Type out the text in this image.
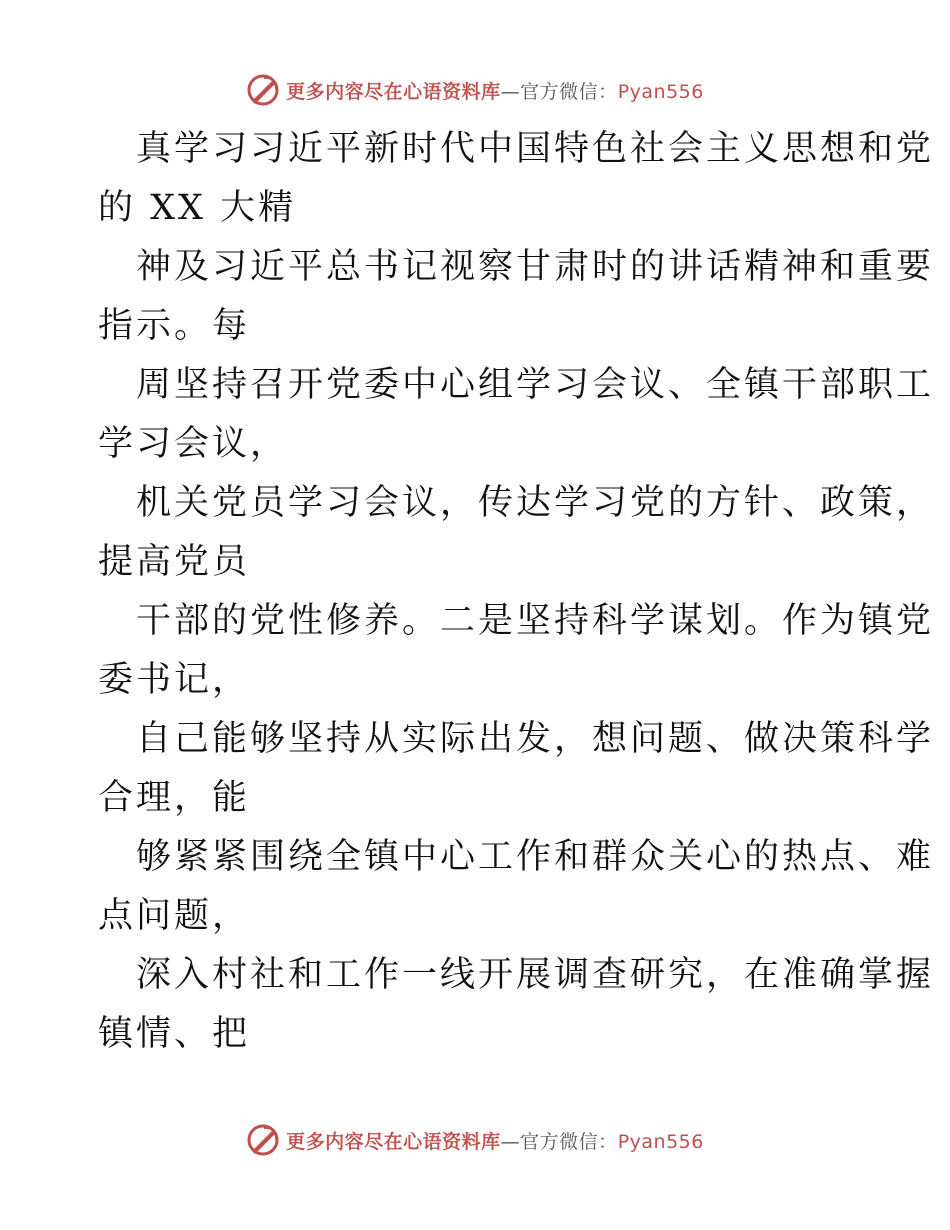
更多内容尽在心语资料库—官方微信：Pyan556
真学习习近平新时代中国特色社会主义思想和党
的 XX 大精
神及习近平总书记视察甘肃时的讲话精神和重要
指示。每
周坚持召开党委中心组学习会议、全镇干部职工
学习会议，
机关党员学习会议，传达学习党的方针、政策，
提高党员
干部的党性修养。二是坚持科学谋划。作为镇党
委书记，
自己能够坚持从实际出发，想问题、做决策科学
合理，能
够紧紧围绕全镇中心工作和群众关心的热点、难
点问题，
深入村社和工作一线开展调查研究，在准确掌握
镇情、把
更多内容尽在心语资料库—官方微信：Pyan556
